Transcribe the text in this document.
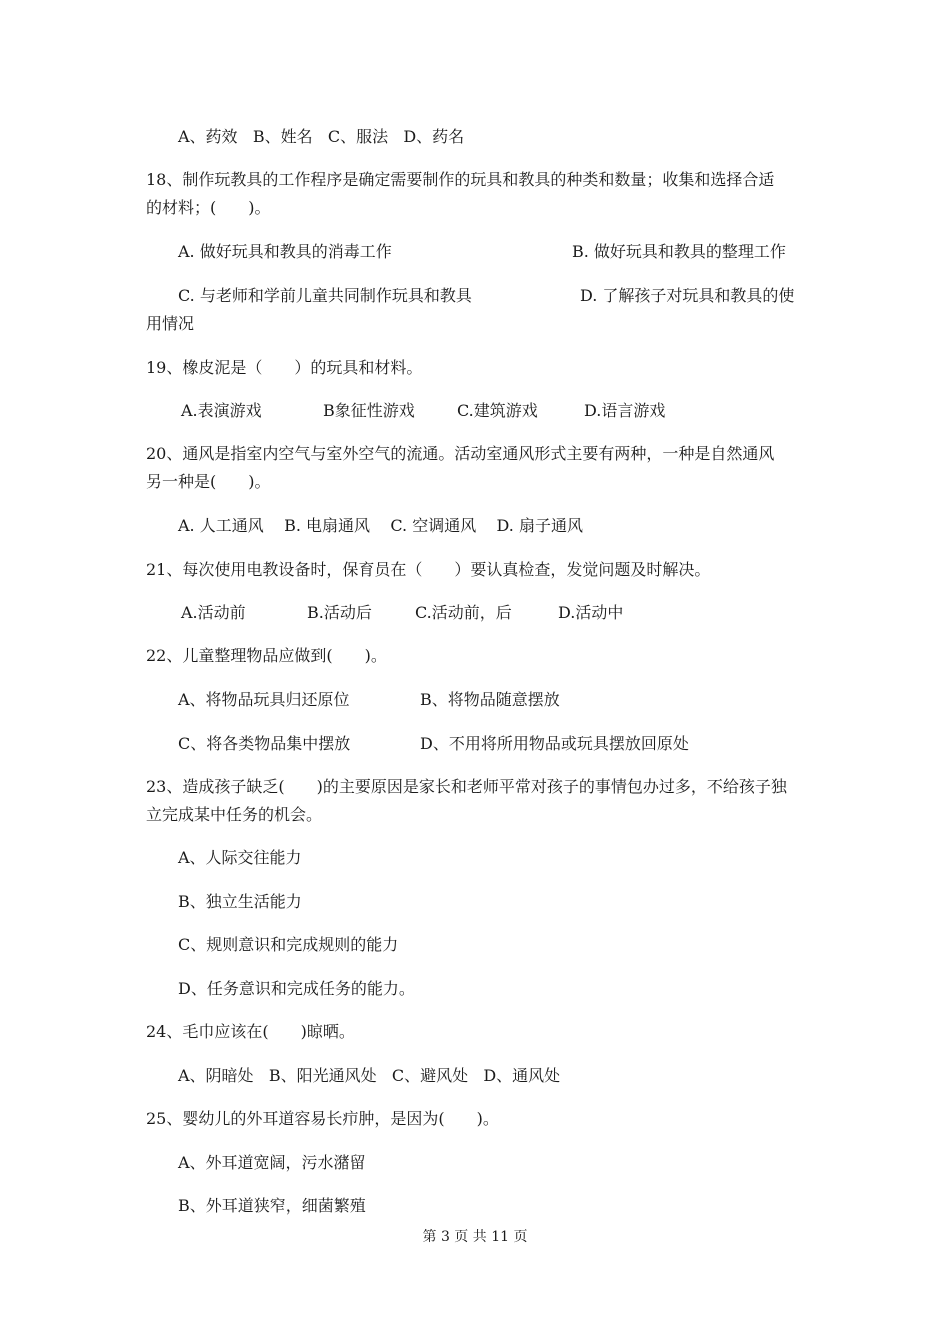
A、药效   B、姓名   C、服法   D、药名
18、制作玩教具的工作程序是确定需要制作的玩具和教具的种类和数量；收集和选择合适
的材料；(　　)。
A. 做好玩具和教具的消毒工作	B. 做好玩具和教具的整理工作
C. 与老师和学前儿童共同制作玩具和教具	D. 了解孩子对玩具和教具的使
用情况
19、橡皮泥是（　　）的玩具和材料。
A.表演游戏	B象征性游戏	C.建筑游戏	D.语言游戏
20、通风是指室内空气与室外空气的流通。活动室通风形式主要有两种，一种是自然通风
另一种是(　　)。
A. 人工通风    B. 电扇通风    C. 空调通风    D. 扇子通风
21、每次使用电教设备时，保育员在（　　）要认真检查，发觉问题及时解决。
A.活动前	B.活动后	C.活动前，后	D.活动中
22、儿童整理物品应做到(　　)。
A、将物品玩具归还原位	B、将物品随意摆放
C、将各类物品集中摆放	D、不用将所用物品或玩具摆放回原处
23、造成孩子缺乏(　　)的主要原因是家长和老师平常对孩子的事情包办过多，不给孩子独
立完成某中任务的机会。
A、人际交往能力
B、独立生活能力
C、规则意识和完成规则的能力
D、任务意识和完成任务的能力。
24、毛巾应该在(　　)晾晒。
A、阴暗处   B、阳光通风处   C、避风处   D、通风处
25、婴幼儿的外耳道容易长疖肿，是因为(　　)。
A、外耳道宽阔，污水潴留
B、外耳道狭窄，细菌繁殖
第 3 页 共 11 页
